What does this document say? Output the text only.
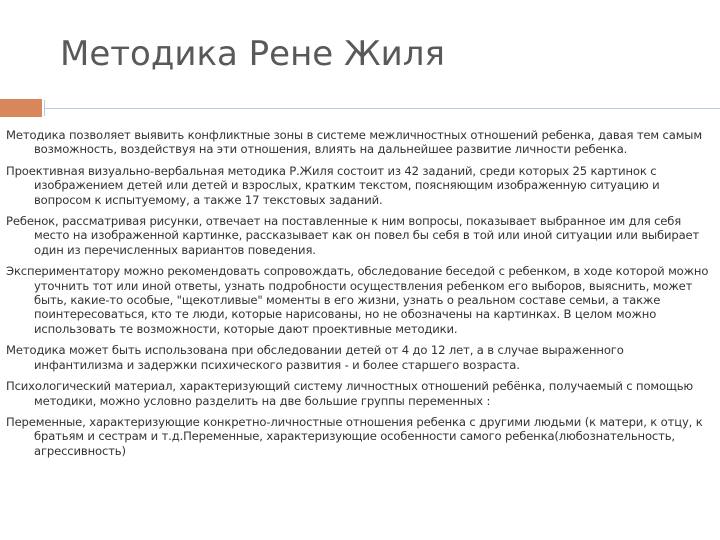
Методика Рене Жиля
Методика позволяет выявить конфликтные зоны в системе межличностных отношений ребенка, давая тем самым возможность, воздействуя на эти отношения, влиять на дальнейшее развитие личности ребенка.
Проективная визуально-вербальная методика Р.Жиля состоит из 42 заданий, среди которых 25 картинок с изображением детей или детей и взрослых, кратким текстом, поясняющим изображенную ситуацию и вопросом к испытуемому, а также 17 текстовых заданий.
Ребенок, рассматривая рисунки, отвечает на поставленные к ним вопросы, показывает выбранное им для себя место на изображенной картинке, рассказывает как он повел бы себя в той или иной ситуации или выбирает один из перечисленных вариантов поведения.
Экспериментатору можно рекомендовать сопровождать, обследование беседой с ребенком, в ходе которой можно уточнить тот или иной ответы, узнать подробности осуществления ребенком его выборов, выяснить, может быть, какие-то особые, "щекотливые" моменты в его жизни, узнать о реальном составе семьи, а также поинтересоваться, кто те люди, которые нарисованы, но не обозначены на картинках. В целом можно использовать те возможности, которые дают проективные методики.
Методика может быть использована при обследовании детей от 4 до 12 лет, а в случае выраженного инфантилизма и задержки психического развития - и более старшего возраста.
Психологический материал, характеризующий систему личностных отношений ребёнка, получаемый с помощью методики, можно условно разделить на две большие группы переменных :
Переменные, характеризующие конкретно-личностные отношения ребенка с другими людьми (к матери, к отцу, к братьям и сестрам и т.д.Переменные, характеризующие особенности самого ребенка(любознательность, агрессивность)
